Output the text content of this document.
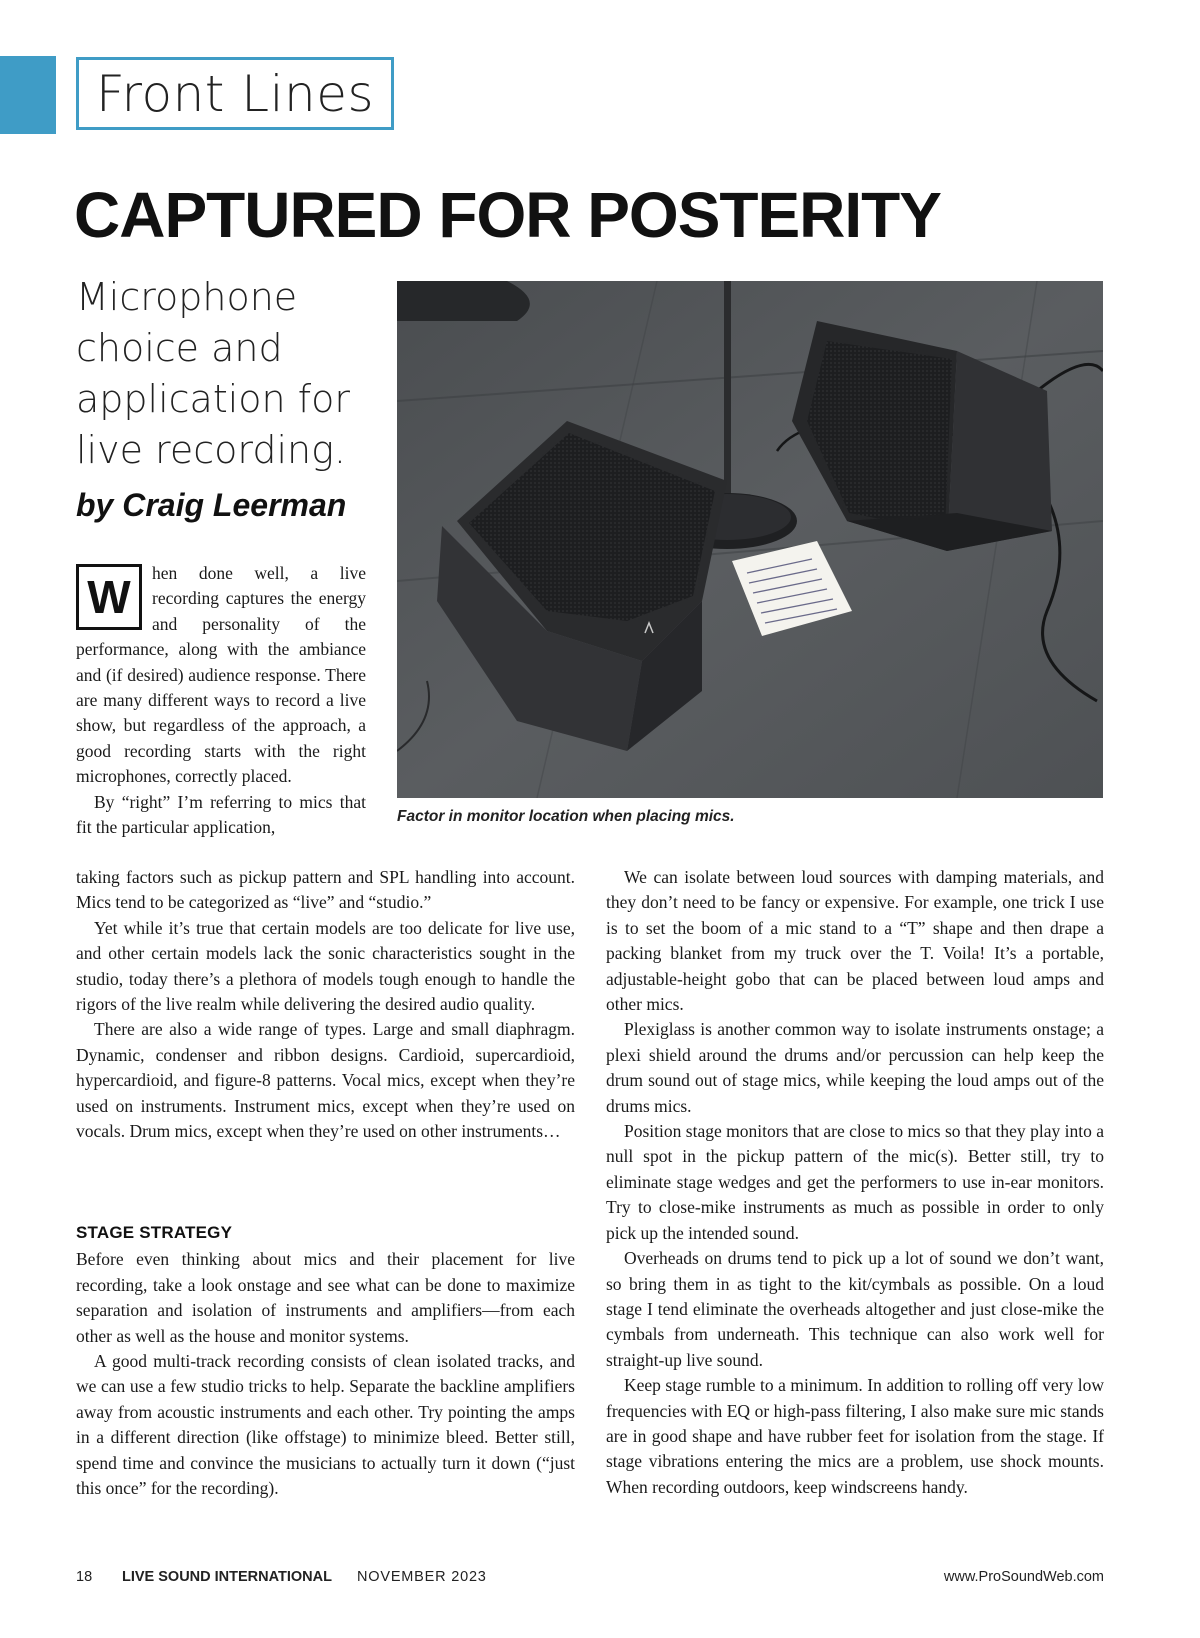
Front Lines
CAPTURED FOR POSTERITY

Microphone choice and application for live recording.

by Craig Leerman

Factor in monitor location when placing mics.
W	hen done well, a live recording captures the energy and personality of the performance, along with the ambiance and (if desired) audience response. There are many different ways to record a live show, but regardless of the approach, a good recording starts with the right microphones, correctly placed.

By “right” I’m referring to mics that fit the particular application,

taking factors such as pickup pattern and SPL handling into account. Mics tend to be categorized as “live” and “studio.”

Yet while it’s true that certain models are too delicate for live use, and other certain models lack the sonic characteristics sought in the studio, today there’s a plethora of models tough enough to handle the rigors of the live realm while delivering the desired audio quality.

There are also a wide range of types. Large and small diaphragm. Dynamic, condenser and ribbon designs. Cardioid, supercardioid, hypercardioid, and figure-8 patterns. Vocal mics, except when they’re used on instruments. Instrument mics, except when they’re used on vocals. Drum mics, except when they’re used on other instruments…

STAGE STRATEGY

Before even thinking about mics and their placement for live recording, take a look onstage and see what can be done to maximize separation and isolation of instruments and amplifiers—from each other as well as the house and monitor systems.

A good multi-track recording consists of clean isolated tracks, and we can use a few studio tricks to help. Separate the backline amplifiers away from acoustic instruments and each other. Try pointing the amps in a different direction (like offstage) to minimize bleed. Better still, spend time and convince the musicians to actually turn it down (“just this once” for the recording).

We can isolate between loud sources with damping materials, and they don’t need to be fancy or expensive. For example, one trick I use is to set the boom of a mic stand to a “T” shape and then drape a packing blanket from my truck over the T. Voila! It’s a portable, adjustable-height gobo that can be placed between loud amps and other mics.

Plexiglass is another common way to isolate instruments onstage; a plexi shield around the drums and/or percussion can help keep the drum sound out of stage mics, while keeping the loud amps out of the drums mics.

Position stage monitors that are close to mics so that they play into a null spot in the pickup pattern of the mic(s). Better still, try to eliminate stage wedges and get the performers to use in-ear monitors. Try to close-mike instruments as much as possible in order to only pick up the intended sound.

Overheads on drums tend to pick up a lot of sound we don’t want, so bring them in as tight to the kit/cymbals as possible. On a loud stage I tend eliminate the overheads altogether and just close-mike the cymbals from underneath. This technique can also work well for straight-up live sound.

Keep stage rumble to a minimum. In addition to rolling off very low frequencies with EQ or high-pass filtering, I also make sure mic stands are in good shape and have rubber feet for isolation from the stage. If stage vibrations entering the mics are a problem, use shock mounts. When recording outdoors, keep windscreens handy.

18 LIVE SOUND INTERNATIONAL NOVEMBER 2023	www.ProSoundWeb.com
